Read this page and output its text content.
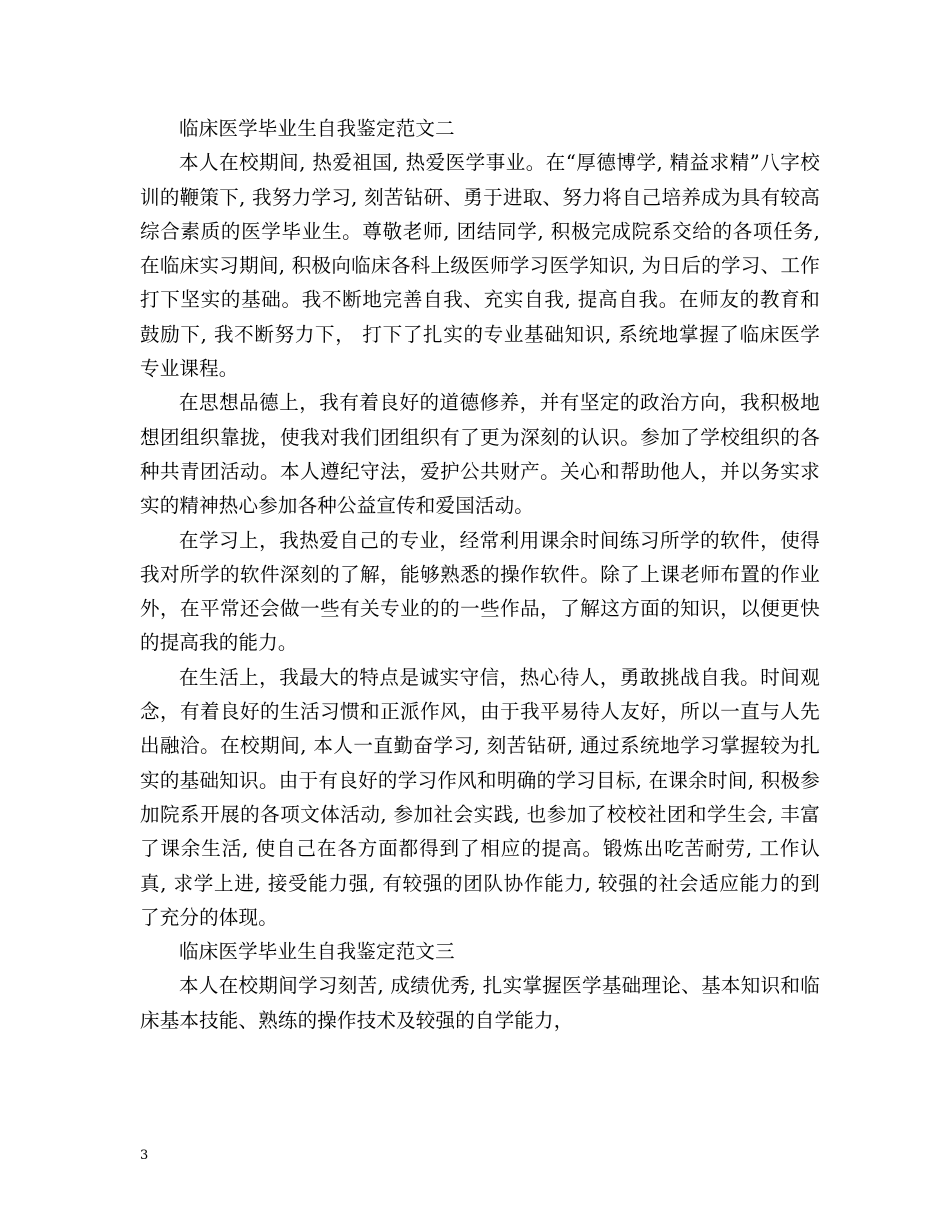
临床医学毕业生自我鉴定范文二

本人在校期间, 热爱祖国, 热爱医学事业。在“厚德博学, 精益求精”八字校训的鞭策下, 我努力学习, 刻苦钻研、勇于进取、努力将自己培养成为具有较高综合素质的医学毕业生。尊敬老师, 团结同学, 积极完成院系交给的各项任务, 在临床实习期间, 积极向临床各科上级医师学习医学知识, 为日后的学习、工作打下坚实的基础。我不断地完善自我、充实自我, 提高自我。在师友的教育和鼓励下, 我不断努力下， 打下了扎实的专业基础知识, 系统地掌握了临床医学专业课程。

在思想品德上，我有着良好的道德修养，并有坚定的政治方向，我积极地想团组织靠拢，使我对我们团组织有了更为深刻的认识。参加了学校组织的各种共青团活动。本人遵纪守法，爱护公共财产。关心和帮助他人，并以务实求实的精神热心参加各种公益宣传和爱国活动。

在学习上，我热爱自己的专业，经常利用课余时间练习所学的软件，使得我对所学的软件深刻的了解，能够熟悉的操作软件。除了上课老师布置的作业外，在平常还会做一些有关专业的的一些作品，了解这方面的知识，以便更快的提高我的能力。

在生活上，我最大的特点是诚实守信，热心待人，勇敢挑战自我。时间观念，有着良好的生活习惯和正派作风，由于我平易待人友好，所以一直与人先出融洽。在校期间, 本人一直勤奋学习, 刻苦钻研, 通过系统地学习掌握较为扎实的基础知识。由于有良好的学习作风和明确的学习目标, 在课余时间, 积极参加院系开展的各项文体活动, 参加社会实践, 也参加了校校社团和学生会, 丰富了课余生活, 使自己在各方面都得到了相应的提高。锻炼出吃苦耐劳, 工作认真, 求学上进, 接受能力强, 有较强的团队协作能力, 较强的社会适应能力的到了充分的体现。

临床医学毕业生自我鉴定范文三

本人在校期间学习刻苦, 成绩优秀, 扎实掌握医学基础理论、基本知识和临床基本技能、熟练的操作技术及较强的自学能力，

3
